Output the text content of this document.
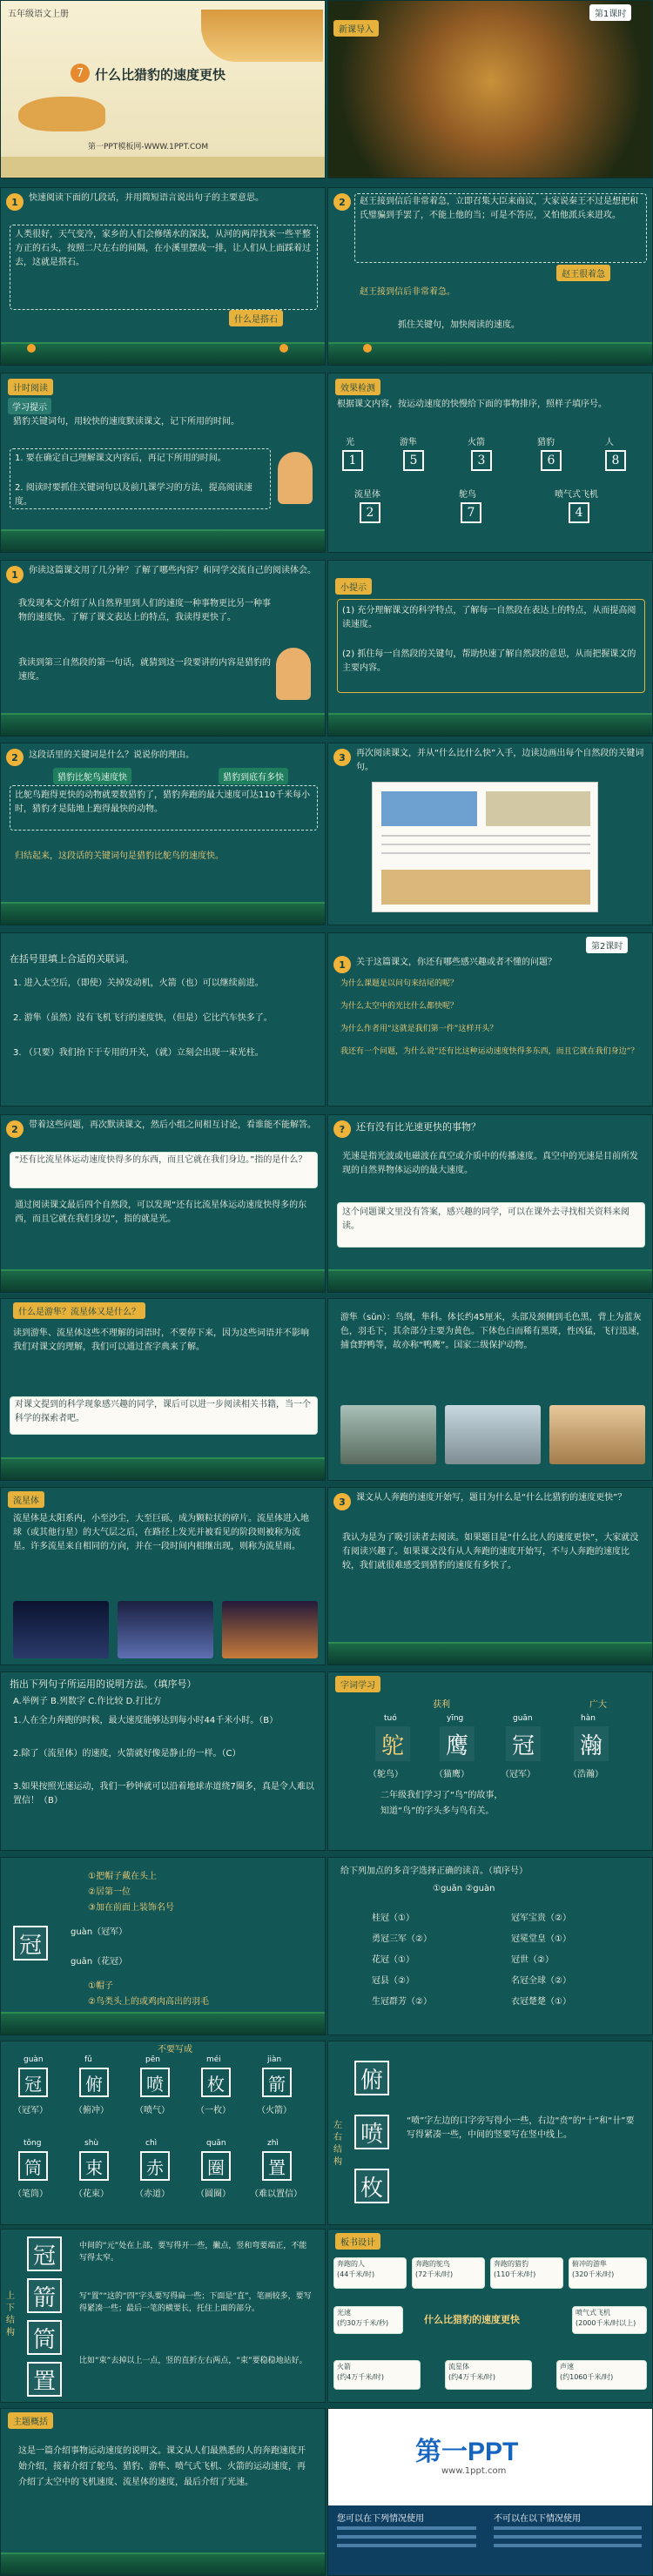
五年级语文上册
7 什么比猎豹的速度更快
第一PPT模板网-WWW.1PPT.COM
新课导入
第1课时
1	快速阅读下面的几段话，并用简短语言说出句子的主要意思。
人类很好，天气变冷，家乡的人们会修缮水的深浅，从河的两岸找来一些平整方正的石头，按照二尺左右的间隔，在小溪里摆成一排，让人们从上面踩着过去，这就是搭石。
什么是搭石
2	赵王接到信后非常着急，立即召集大臣来商议，大家说秦王不过是想把和氏璧骗到手罢了，不能上他的当；可是不答应，又怕他派兵来进攻。
赵王很着急
赵王接到信后非常着急。
抓住关键句，加快阅读的速度。
计时阅读
学习提示
猎豹关键词句，用较快的速度默读课文，记下所用的时间。
1. 要在确定自己理解课文内容后，再记下所用的时间。
2. 阅读时要抓住关键词句以及前几课学习的方法，提高阅读速度。
效果检测
根据课文内容，按运动速度的快慢给下面的事物排序，照样子填序号。
光	游隼	火箭	猎豹	人
1	5	3	6	8
流星体	鸵鸟	喷气式飞机
2	7	4
1	你读这篇课文用了几分钟？了解了哪些内容？和同学交流自己的阅读体会。
我发现本文介绍了从自然界里到人们的速度一种事物更比另一种事物的速度快。了解了课文表达上的特点，我读得更快了。
我读到第三自然段的第一句话，就猜到这一段要讲的内容是猎豹的速度。
小提示
(1) 充分理解课文的科学特点，了解每一自然段在表达上的特点，从而提高阅读速度。
(2) 抓住每一自然段的关键句，帮助快速了解自然段的意思，从而把握课文的主要内容。
2	这段话里的关键词是什么？说说你的理由。
猎豹比鸵鸟速度快	猎豹到底有多快
比鸵鸟跑得更快的动物就要数猎豹了，猎豹奔跑的最大速度可达110千米每小时，猎豹才是陆地上跑得最快的动物。
归结起来，这段话的关键词句是猎豹比鸵鸟的速度快。
3	再次阅读课文，并从“什么比什么快”入手，边读边画出每个自然段的关键词句。
在括号里填上合适的关联词。
1. 进入太空后，（即使）关掉发动机，火箭（也）可以继续前进。
2. 游隼（虽然）没有飞机飞行的速度快，（但是）它比汽车快多了。
3. （只要）我们抬下于专用的开关，（就）立刻会出现一束光柱。
第2课时
1	关于这篇课文，你还有哪些感兴趣或者不懂的问题？
为什么课题是以问句来结尾的呢？
为什么太空中的光比什么都快呢？
为什么作者用“这就是我们第一件”这样开头？
我还有一个问题，为什么说“还有比这种运动速度快得多东西，而且它就在我们身边”？
2	带着这些问题，再次默读课文，然后小组之间相互讨论，看谁能不能解答。
“还有比流星体运动速度快得多的东西，而且它就在我们身边。”指的是什么？
通过阅读课文最后四个自然段，可以发现“还有比流星体运动速度快得多的东西，而且它就在我们身边”，指的就是光。
?	还有没有比光速更快的事物？
光速是指光波或电磁波在真空或介质中的传播速度。真空中的光速是目前所发现的自然界物体运动的最大速度。
这个问题课文里没有答案，感兴趣的同学，可以在课外去寻找相关资料来阅读。
什么是游隼？流星体又是什么？
读到游隼、流星体这些不理解的词语时，不要停下来，因为这些词语并不影响我们对课文的理解，我们可以通过查字典来了解。
对课文提到的科学现象感兴趣的同学，课后可以进一步阅读相关书籍，当一个科学的探索者吧。
游隼（sǔn）：鸟纲，隼科。体长约45厘米，头部及颈侧到毛色黑，背上为蓝灰色，羽毛下，其余部分主要为黄色。下体色白而稀有黑斑，性凶猛，飞行迅速，捕食野鸭等，故亦称“鸭鹰”。国家二级保护动物。
流星体
流星体是太阳系内，小至沙尘，大至巨砾，成为颗粒状的碎片。流星体进入地球（或其他行星）的大气层之后，在路径上发光并被看见的阶段则被称为流星。许多流星来自相同的方向，并在一段时间内相继出现，则称为流星雨。
3	课文从人奔跑的速度开始写，题目为什么是“什么比猎豹的速度更快”？
我认为是为了吸引读者去阅读。如果题目是“什么比人的速度更快”，大家就没有阅读兴趣了。如果课文没有从人奔跑的速度开始写，不与人奔跑的速度比较，我们就很难感受到猎豹的速度有多快了。
指出下列句子所运用的说明方法。（填序号）
A.举例子 B.列数字 C.作比较 D.打比方
1.人在全力奔跑的时候，最大速度能够达到每小时44千米小时。（B）
2.除了（流星体）的速度，火箭就好像是静止的一样。（C）
3.如果按照光速运动，我们一秒钟就可以沿着地球赤道绕7圈多，真是令人难以置信！（B）
字词学习
获利	广大
tuó	yīng	guān	hàn
鸵 鹰 冠 瀚
（鸵鸟）	（猫鹰）	（冠军）	（浩瀚）
二年级我们学习了“鸟”的故事，
知道“鸟”的字头多与鸟有关。
冠
①把帽子戴在头上
②居第一位
③加在前面上装饰名号
guàn（冠军）
guān（花冠）
①帽子
②鸟类头上的或鸡肉高出的羽毛
给下列加点的多音字选择正确的读音。（填序号）
①guān ②guàn
桂冠（①）	冠军宝贵（②）
勇冠三军（②）	冠冕堂皇（①）
花冠（①）	冠世（②）
冠县（②）	名冠全球（②）
生冠群芳（②）	衣冠楚楚（①）
不要写成
guàn	fǔ	pēn	méi	jiàn
冠	俯	喷	枚	箭
（冠军）	（俯冲）	（喷气）	（一枚）	（火箭）
tǒng	shù	chì	quān	zhì
筒	束	赤	圈	置
（笔筒）	（花束）	（赤道）	（圆圈） （难以置信）
左右结构
俯
喷
枚
“喷”字左边的口字旁写得小一些，右边“贲”的“十”和“卄”要写得紧凑一些，中间的竖要写在竖中线上。
上下结构
冠
箭
筒
置
中间的“元”处在上部，要写得开一些，撇点，竖和弯要端正，不能写得太窄。
写“置”“这的“四”字头要写得扁一些；下面是“直”，笔画较多，要写得紧凑一些；最后一笔的横要长，托住上面的部分。
比如“束”去掉以上一点，竖的直折左右两点，“束”要稳稳地站好。
板书设计
奔跑的人
(44千米/时)
奔跑的鸵鸟
(72千米/时)
奔跑的猎豹
(110千米/时)
俯冲的游隼
(320千米/时)
光速
(约30万千米/秒)	什么比猎豹的速度更快
喷气式飞机
(2000千米/时以上)
火箭
(约4万千米/时)
流星体
(约4万千米/时)
声速
(约1060千米/时)
主题概括
这是一篇介绍事物运动速度的说明文。课文从人们最熟悉的人的奔跑速度开始介绍，接着介绍了鸵鸟、猎豹、游隼、喷气式飞机、火箭的运动速度，再介绍了太空中的飞机速度、流星体的速度，最后介绍了光速。
第一PPT
www.1ppt.com
您可以在下列情况使用	不可以在以下情况使用
